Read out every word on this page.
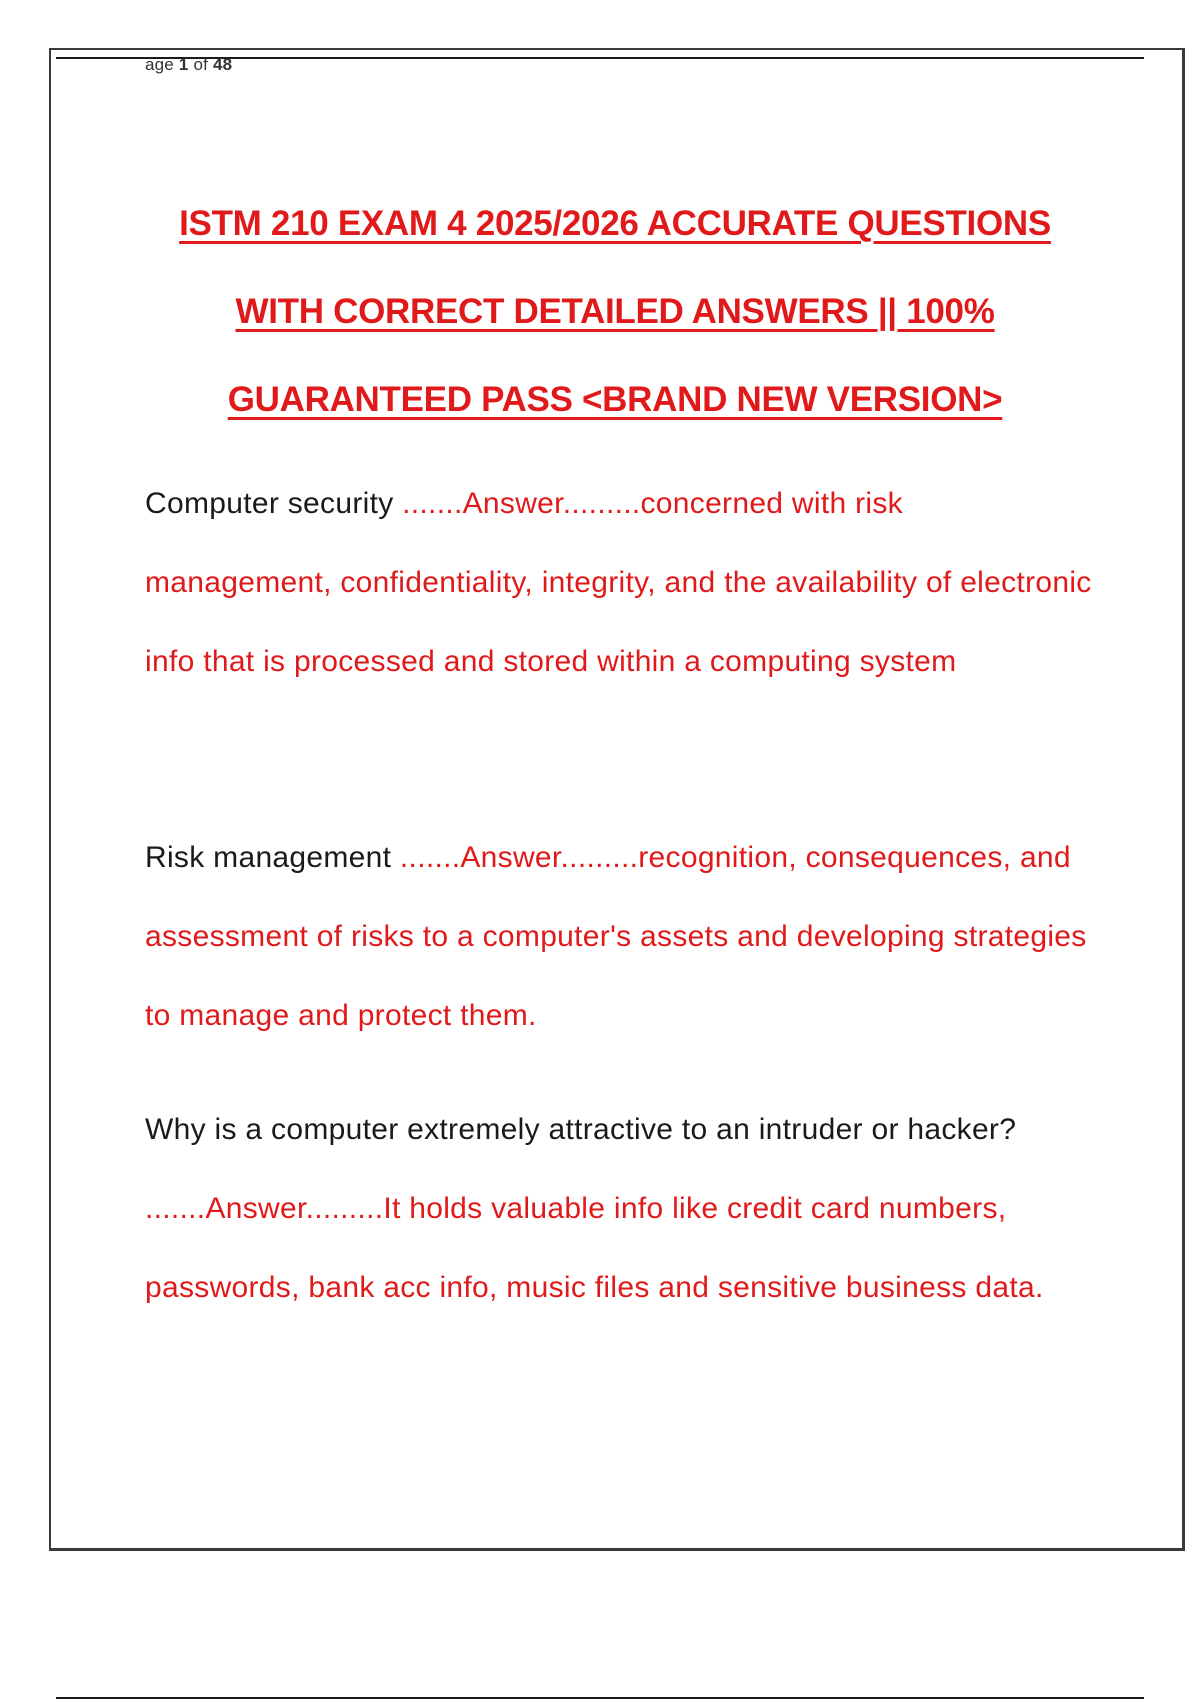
age 1 of 48
ISTM 210 EXAM 4 2025/2026 ACCURATE QUESTIONS
WITH CORRECT DETAILED ANSWERS || 100%
GUARANTEED PASS <BRAND NEW VERSION>
Computer security .......Answer.........concerned with risk management, confidentiality, integrity, and the availability of electronic info that is processed and stored within a computing system
Risk management .......Answer.........recognition, consequences, and assessment of risks to a computer's assets and developing strategies to manage and protect them.
Why is a computer extremely attractive to an intruder or hacker? .......Answer.........It holds valuable info like credit card numbers, passwords, bank acc info, music files and sensitive business data.
